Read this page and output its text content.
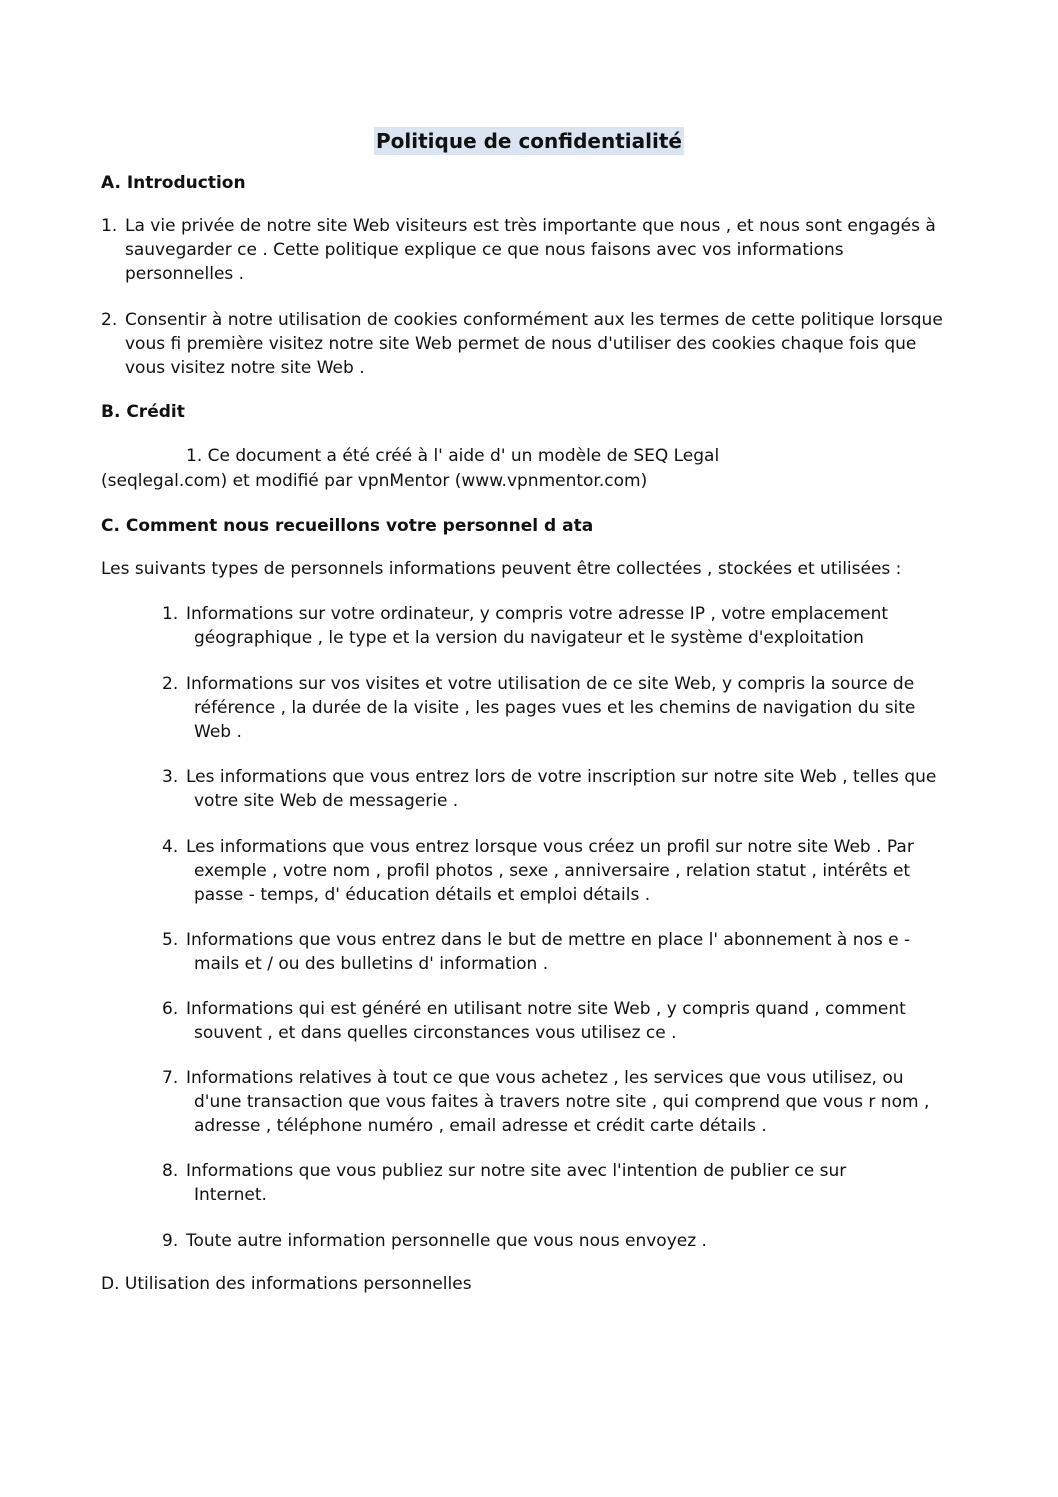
Politique de confidentialité
A. Introduction
1. La vie privée de notre site Web visiteurs est très importante que nous , et nous sont engagés à
sauvegarder ce . Cette politique explique ce que nous faisons avec vos informations
personnelles .
2. Consentir à notre utilisation de cookies conformément aux les termes de cette politique lorsque
vous fi première visitez notre site Web permet de nous d'utiliser des cookies chaque fois que
vous visitez notre site Web .
B. Crédit
1. Ce document a été créé à l' aide d' un modèle de SEQ Legal
(seqlegal.com) et modifié par vpnMentor (www.vpnmentor.com)
C. Comment nous recueillons votre personnel d ata
Les suivants types de personnels informations peuvent être collectées , stockées et utilisées :
1. Informations sur votre ordinateur, y compris votre adresse IP , votre emplacement
géographique , le type et la version du navigateur et le système d'exploitation
2. Informations sur vos visites et votre utilisation de ce site Web, y compris la source de
référence , la durée de la visite , les pages vues et les chemins de navigation du site
Web .
3. Les informations que vous entrez lors de votre inscription sur notre site Web , telles que
votre site Web de messagerie .
4. Les informations que vous entrez lorsque vous créez un profil sur notre site Web . Par
exemple , votre nom , profil photos , sexe , anniversaire , relation statut , intérêts et
passe - temps, d' éducation détails et emploi détails .
5. Informations que vous entrez dans le but de mettre en place l' abonnement à nos e -
mails et / ou des bulletins d' information .
6. Informations qui est généré en utilisant notre site Web , y compris quand , comment
souvent , et dans quelles circonstances vous utilisez ce .
7. Informations relatives à tout ce que vous achetez , les services que vous utilisez, ou
d'une transaction que vous faites à travers notre site , qui comprend que vous r nom ,
adresse , téléphone numéro , email adresse et crédit carte détails .
8. Informations que vous publiez sur notre site avec l'intention de publier ce sur
Internet.
9. Toute autre information personnelle que vous nous envoyez .
D. Utilisation des informations personnelles
